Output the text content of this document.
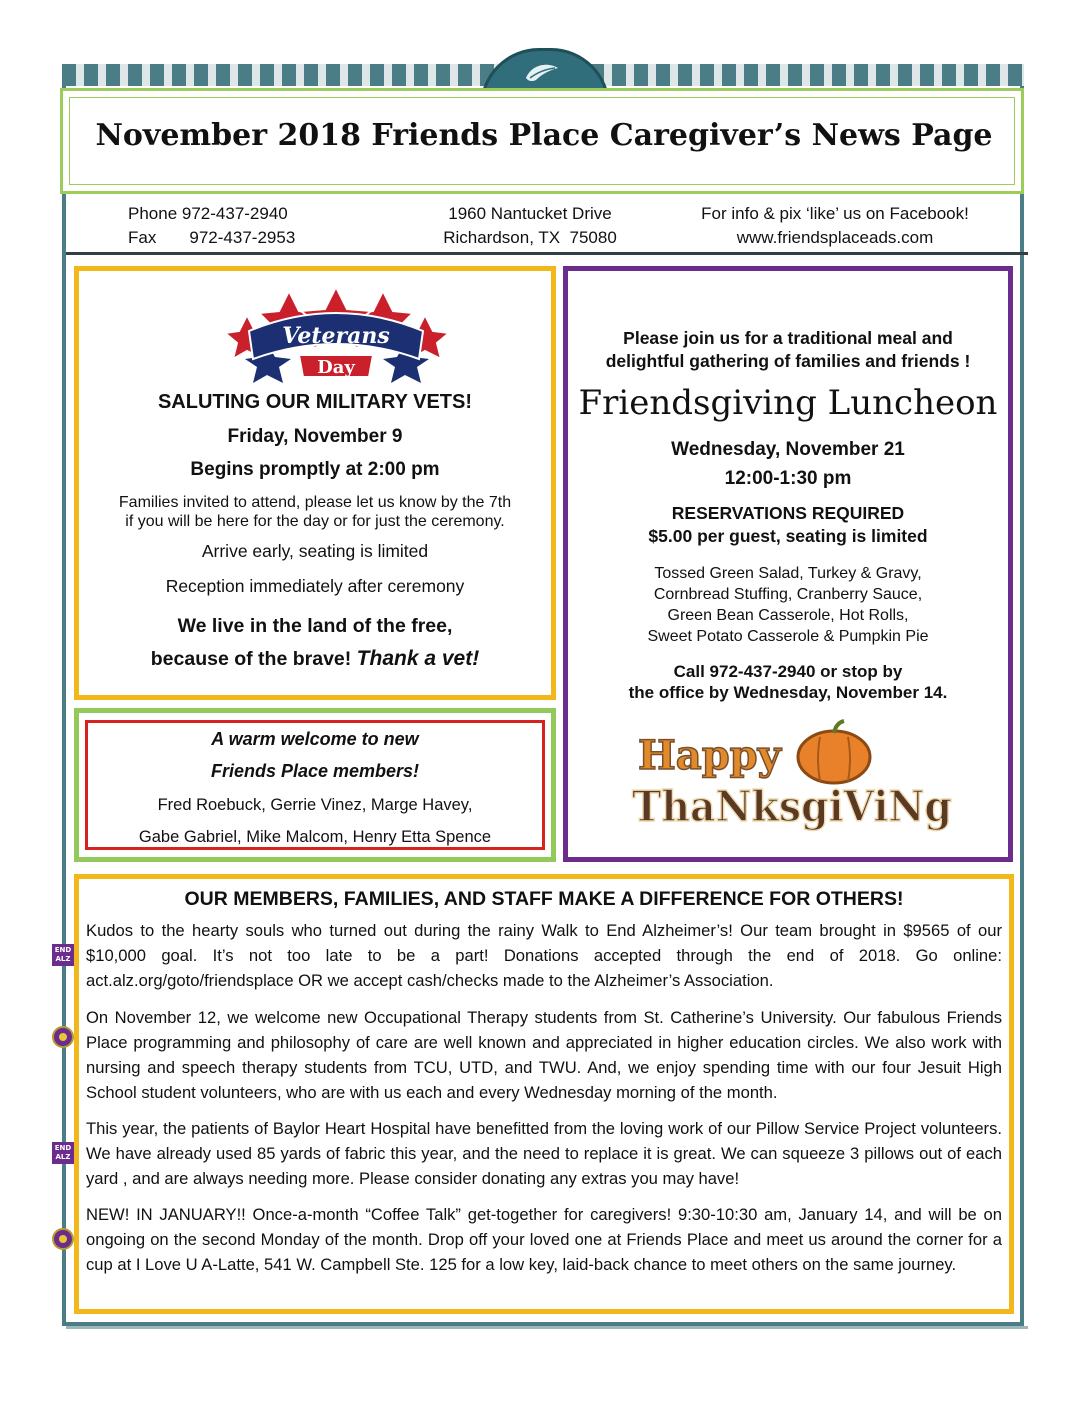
November 2018 Friends Place Caregiver’s News Page
Phone 972-437-2940
Fax       972-437-2953
1960 Nantucket Drive
Richardson, TX  75080
For info & pix ‘like’ us on Facebook!
www.friendsplaceads.com
Veterans
Day
SALUTING OUR MILITARY VETS!
Friday, November 9
Begins promptly at 2:00 pm
Families invited to attend, please let us know by the 7th
if you will be here for the day or for just the ceremony.
Arrive early, seating is limited
Reception immediately after ceremony
We live in the land of the free,
because of the brave! Thank a vet!
A warm welcome to new
Friends Place members!
Fred Roebuck, Gerrie Vinez, Marge Havey,
Gabe Gabriel, Mike Malcom, Henry Etta Spence
Please join us for a traditional meal and
delightful gathering of families and friends !
Friendsgiving Luncheon
Wednesday, November 21
12:00-1:30 pm
RESERVATIONS REQUIRED
$5.00 per guest, seating is limited
Tossed Green Salad, Turkey & Gravy,
Cornbread Stuffing, Cranberry Sauce,
Green Bean Casserole, Hot Rolls,
Sweet Potato Casserole & Pumpkin Pie
Call 972-437-2940 or stop by
the office by Wednesday, November 14.
Happy
ThaNksgiViNg
OUR MEMBERS, FAMILIES, AND STAFF MAKE A DIFFERENCE FOR OTHERS!

Kudos to the hearty souls who turned out during the rainy Walk to End Alzheimer’s! Our team brought in $9565 of our $10,000 goal. It’s not too late to be a part! Donations accepted through the end of 2018. Go online: act.alz.org/goto/friendsplace OR we accept cash/checks made to the Alzheimer’s Association.

On November 12, we welcome new Occupational Therapy students from St. Catherine’s University. Our fabulous Friends Place programming and philosophy of care are well known and appreciated in higher education circles. We also work with nursing and speech therapy students from TCU, UTD, and TWU. And, we enjoy spending time with our four Jesuit High School student volunteers, who are with us each and every Wednesday morning of the month.

This year, the patients of Baylor Heart Hospital have benefitted from the loving work of our Pillow Service Project volunteers. We have already used 85 yards of fabric this year, and the need to replace it is great. We can squeeze 3 pillows out of each yard , and are always needing more. Please consider donating any extras you may have!

NEW! IN JANUARY!! Once-a-month “Coffee Talk” get-together for caregivers! 9:30-10:30 am, January 14, and will be on ongoing on the second Monday of the month. Drop off your loved one at Friends Place and meet us around the corner for a cup at I Love U A-Latte, 541 W. Campbell Ste. 125 for a low key, laid-back chance to meet others on the same journey.

END
ALZ
END
ALZ
